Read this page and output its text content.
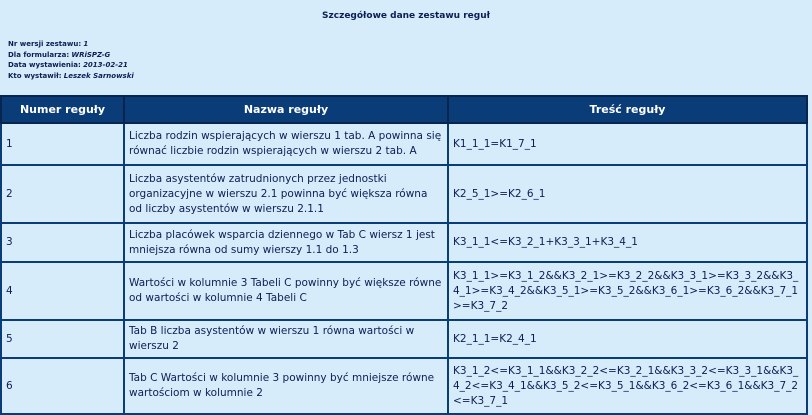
Szczegółowe dane zestawu reguł
Nr wersji zestawu: 1
Dla formularza: WRiSPZ-G
Data wystawienia: 2013-02-21
Kto wystawił: Leszek Sarnowski
Numer reguły	Nazwa reguły	Treść reguły
1	Liczba rodzin wspierających w wierszu 1 tab. A powinna się równać liczbie rodzin wspierających w wierszu 2 tab. A	K1_1_1=K1_7_1
2	Liczba asystentów zatrudnionych przez jednostki organizacyjne w wierszu 2.1 powinna być większa równa od liczby asystentów w wierszu 2.1.1	K2_5_1>=K2_6_1
3	Liczba placówek wsparcia dziennego w Tab C wiersz 1 jest mniejsza równa od sumy wierszy 1.1 do 1.3	K3_1_1<=K3_2_1+K3_3_1+K3_4_1
4	Wartości w kolumnie 3 Tabeli C powinny być większe równe od wartości w kolumnie 4 Tabeli C	K3_1_1>=K3_1_2&&K3_2_1>=K3_2_2&&K3_3_1>=K3_3_2&&K3_4_1>=K3_4_2&&K3_5_1>=K3_5_2&&K3_6_1>=K3_6_2&&K3_7_1>=K3_7_2
5	Tab B liczba asystentów w wierszu 1 równa wartości w wierszu 2	K2_1_1=K2_4_1
6	Tab C Wartości w kolumnie 3 powinny być mniejsze równe wartościom w kolumnie 2	K3_1_2<=K3_1_1&&K3_2_2<=K3_2_1&&K3_3_2<=K3_3_1&&K3_4_2<=K3_4_1&&K3_5_2<=K3_5_1&&K3_6_2<=K3_6_1&&K3_7_2<=K3_7_1
